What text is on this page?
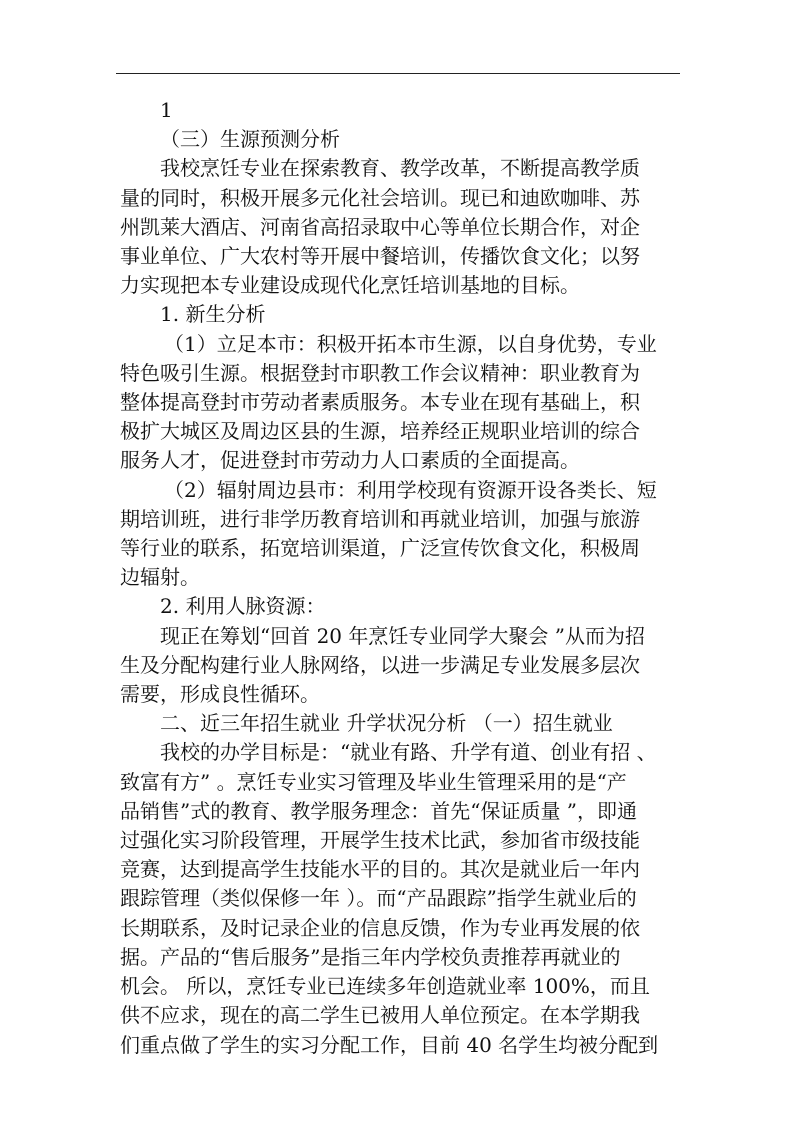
1
（三）生源预测分析
我校烹饪专业在探索教育、教学改革，不断提高教学质
量的同时，积极开展多元化社会培训。现已和迪欧咖啡、苏
州凯莱大酒店、河南省高招录取中心等单位长期合作，对企
事业单位、广大农村等开展中餐培训，传播饮食文化；以努
力实现把本专业建设成现代化烹饪培训基地的目标。
1. 新生分析
（1）立足本市：积极开拓本市生源，以自身优势，专业
特色吸引生源。根据登封市职教工作会议精神：职业教育为
整体提高登封市劳动者素质服务。本专业在现有基础上，积
极扩大城区及周边区县的生源，培养经正规职业培训的综合
服务人才，促进登封市劳动力人口素质的全面提高。
（2）辐射周边县市：利用学校现有资源开设各类长、短
期培训班，进行非学历教育培训和再就业培训，加强与旅游
等行业的联系，拓宽培训渠道，广泛宣传饮食文化，积极周
边辐射。
2. 利用人脉资源：
现正在筹划“回首 20 年烹饪专业同学大聚会 ”从而为招
生及分配构建行业人脉网络，以进一步满足专业发展多层次
需要，形成良性循环。
二、近三年招生就业 升学状况分析 （一）招生就业
我校的办学目标是：“就业有路、升学有道、创业有招 、
致富有方” 。烹饪专业实习管理及毕业生管理采用的是“产
品销售”式的教育、教学服务理念：首先“保证质量 ”，即通
过强化实习阶段管理，开展学生技术比武，参加省市级技能
竞赛，达到提高学生技能水平的目的。其次是就业后一年内
跟踪管理（类似保修一年 ）。而“产品跟踪”指学生就业后的
长期联系，及时记录企业的信息反馈，作为专业再发展的依
据。产品的“售后服务”是指三年内学校负责推荐再就业的
机会。 所以，烹饪专业已连续多年创造就业率 100%，而且
供不应求，现在的高二学生已被用人单位预定。在本学期我
们重点做了学生的实习分配工作，目前 40 名学生均被分配到
